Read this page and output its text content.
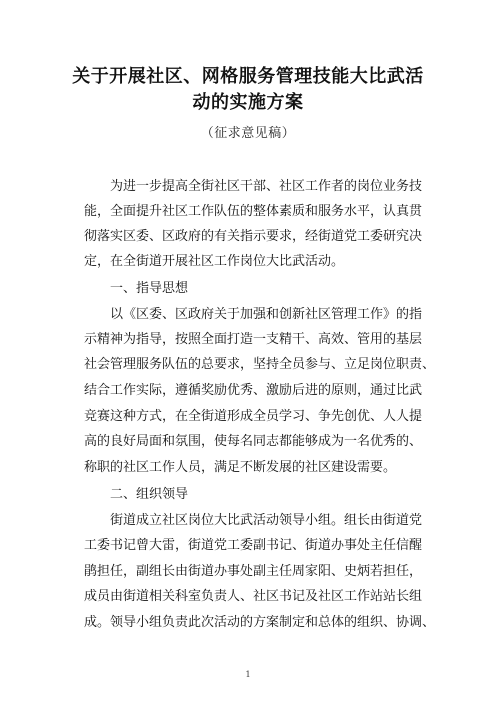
关于开展社区、网格服务管理技能大比武活
动的实施方案
（征求意见稿）
为进一步提高全街社区干部、社区工作者的岗位业务技
能，全面提升社区工作队伍的整体素质和服务水平，认真贯
彻落实区委、区政府的有关指示要求，经街道党工委研究决
定，在全街道开展社区工作岗位大比武活动。
一、指导思想
以《区委、区政府关于加强和创新社区管理工作》的指
示精神为指导，按照全面打造一支精干、高效、管用的基层
社会管理服务队伍的总要求，坚持全员参与、立足岗位职责、
结合工作实际，遵循奖励优秀、激励后进的原则，通过比武
竞赛这种方式，在全街道形成全员学习、争先创优、人人提
高的良好局面和氛围，使每名同志都能够成为一名优秀的、
称职的社区工作人员，满足不断发展的社区建设需要。
二、组织领导
街道成立社区岗位大比武活动领导小组。组长由街道党
工委书记曾大雷，街道党工委副书记、街道办事处主任信醒
鹃担任，副组长由街道办事处副主任周家阳、史炳若担任，
成员由街道相关科室负责人、社区书记及社区工作站站长组
成。领导小组负责此次活动的方案制定和总体的组织、协调、
1
